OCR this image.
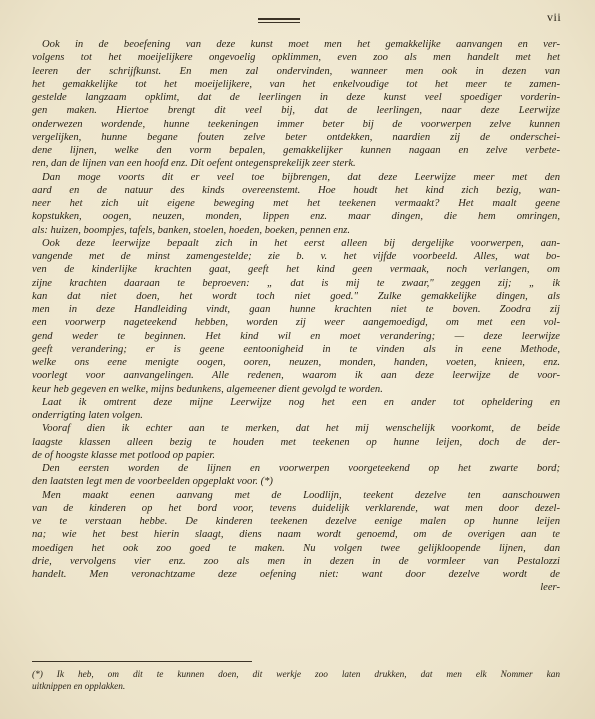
vii
Ook in de beoefening van deze kunst moet men het gemakkelijke aanvangen en ver-
volgens tot het moeijelijkere ongevoelig opklimmen, even zoo als men handelt met het
leeren der schrijfkunst. En men zal ondervinden, wanneer men ook in dezen van
het gemakkelijke tot het moeijelijkere, van het enkelvoudige tot het meer te zamen-
gestelde langzaam opklimt, dat de leerlingen in deze kunst veel spoediger vorderin-
gen maken. Hiertoe brengt dit veel bij, dat de leerlingen, naar deze Leerwijze
onderwezen wordende, hunne teekeningen immer beter bij de voorwerpen zelve kunnen
vergelijken, hunne begane fouten zelve beter ontdekken, naardien zij de onderschei-
dene lijnen, welke den vorm bepalen, gemakkelijker kunnen nagaan en zelve verbete-
ren, dan de lijnen van een hoofd enz. Dit oefent ontegensprekelijk zeer sterk.
Dan moge voorts dit er veel toe bijbrengen, dat deze Leerwijze meer met den
aard en de natuur des kinds overeenstemt. Hoe houdt het kind zich bezig, wan-
neer het zich uit eigene beweging met het teekenen vermaakt? Het maalt geene
kopstukken, oogen, neuzen, monden, lippen enz. maar dingen, die hem omringen,
als: huizen, boompjes, tafels, banken, stoelen, hoeden, boeken, pennen enz.
Ook deze leerwijze bepaalt zich in het eerst alleen bij dergelijke voorwerpen, aan-
vangende met de minst zamengestelde; zie b. v. het vijfde voorbeeld. Alles, wat bo-
ven de kinderlijke krachten gaat, geeft het kind geen vermaak, noch verlangen, om
zijne krachten daaraan te beproeven: „ dat is mij te zwaar," zeggen zij; „ ik
kan dat niet doen, het wordt toch niet goed." Zulke gemakkelijke dingen, als
men in deze Handleiding vindt, gaan hunne krachten niet te boven. Zoodra zij
een voorwerp nageteekend hebben, worden zij weer aangemoedigd, om met een vol-
gend weder te beginnen. Het kind wil en moet verandering; — deze leerwijze
geeft verandering; er is geene eentoonigheid in te vinden als in eene Methode,
welke ons eene menigte oogen, ooren, neuzen, monden, handen, voeten, knieen, enz.
voorlegt voor aanvangelingen. Alle redenen, waarom ik aan deze leerwijze de voor-
keur heb gegeven en welke, mijns bedunkens, algemeener dient gevolgd te worden.
Laat ik omtrent deze mijne Leerwijze nog het een en ander tot opheldering en
onderrigting laten volgen.
Vooraf dien ik echter aan te merken, dat het mij wenschelijk voorkomt, de beide
laagste klassen alleen bezig te houden met teekenen op hunne leijen, doch de der-
de of hoogste klasse met potlood op papier.
Den eersten worden de lijnen en voorwerpen voorgeteekend op het zwarte bord;
den laatsten legt men de voorbeelden opgeplakt voor. (*)
Men maakt eenen aanvang met de Loodlijn, teekent dezelve ten aanschouwen
van de kinderen op het bord voor, tevens duidelijk verklarende, wat men door dezel-
ve te verstaan hebbe. De kinderen teekenen dezelve eenige malen op hunne leijen
na; wie het best hierin slaagt, diens naam wordt genoemd, om de overigen aan te
moedigen het ook zoo goed te maken. Nu volgen twee gelijkloopende lijnen, dan
drie, vervolgens vier enz. zoo als men in dezen in de vormleer van Pestalozzi
handelt. Men veronachtzame deze oefening niet: want door dezelve wordt de
leer-
(*) Ik heb, om dit te kunnen doen, dit werkje zoo laten drukken, dat men elk Nommer kan
uitknippen en opplakken.
